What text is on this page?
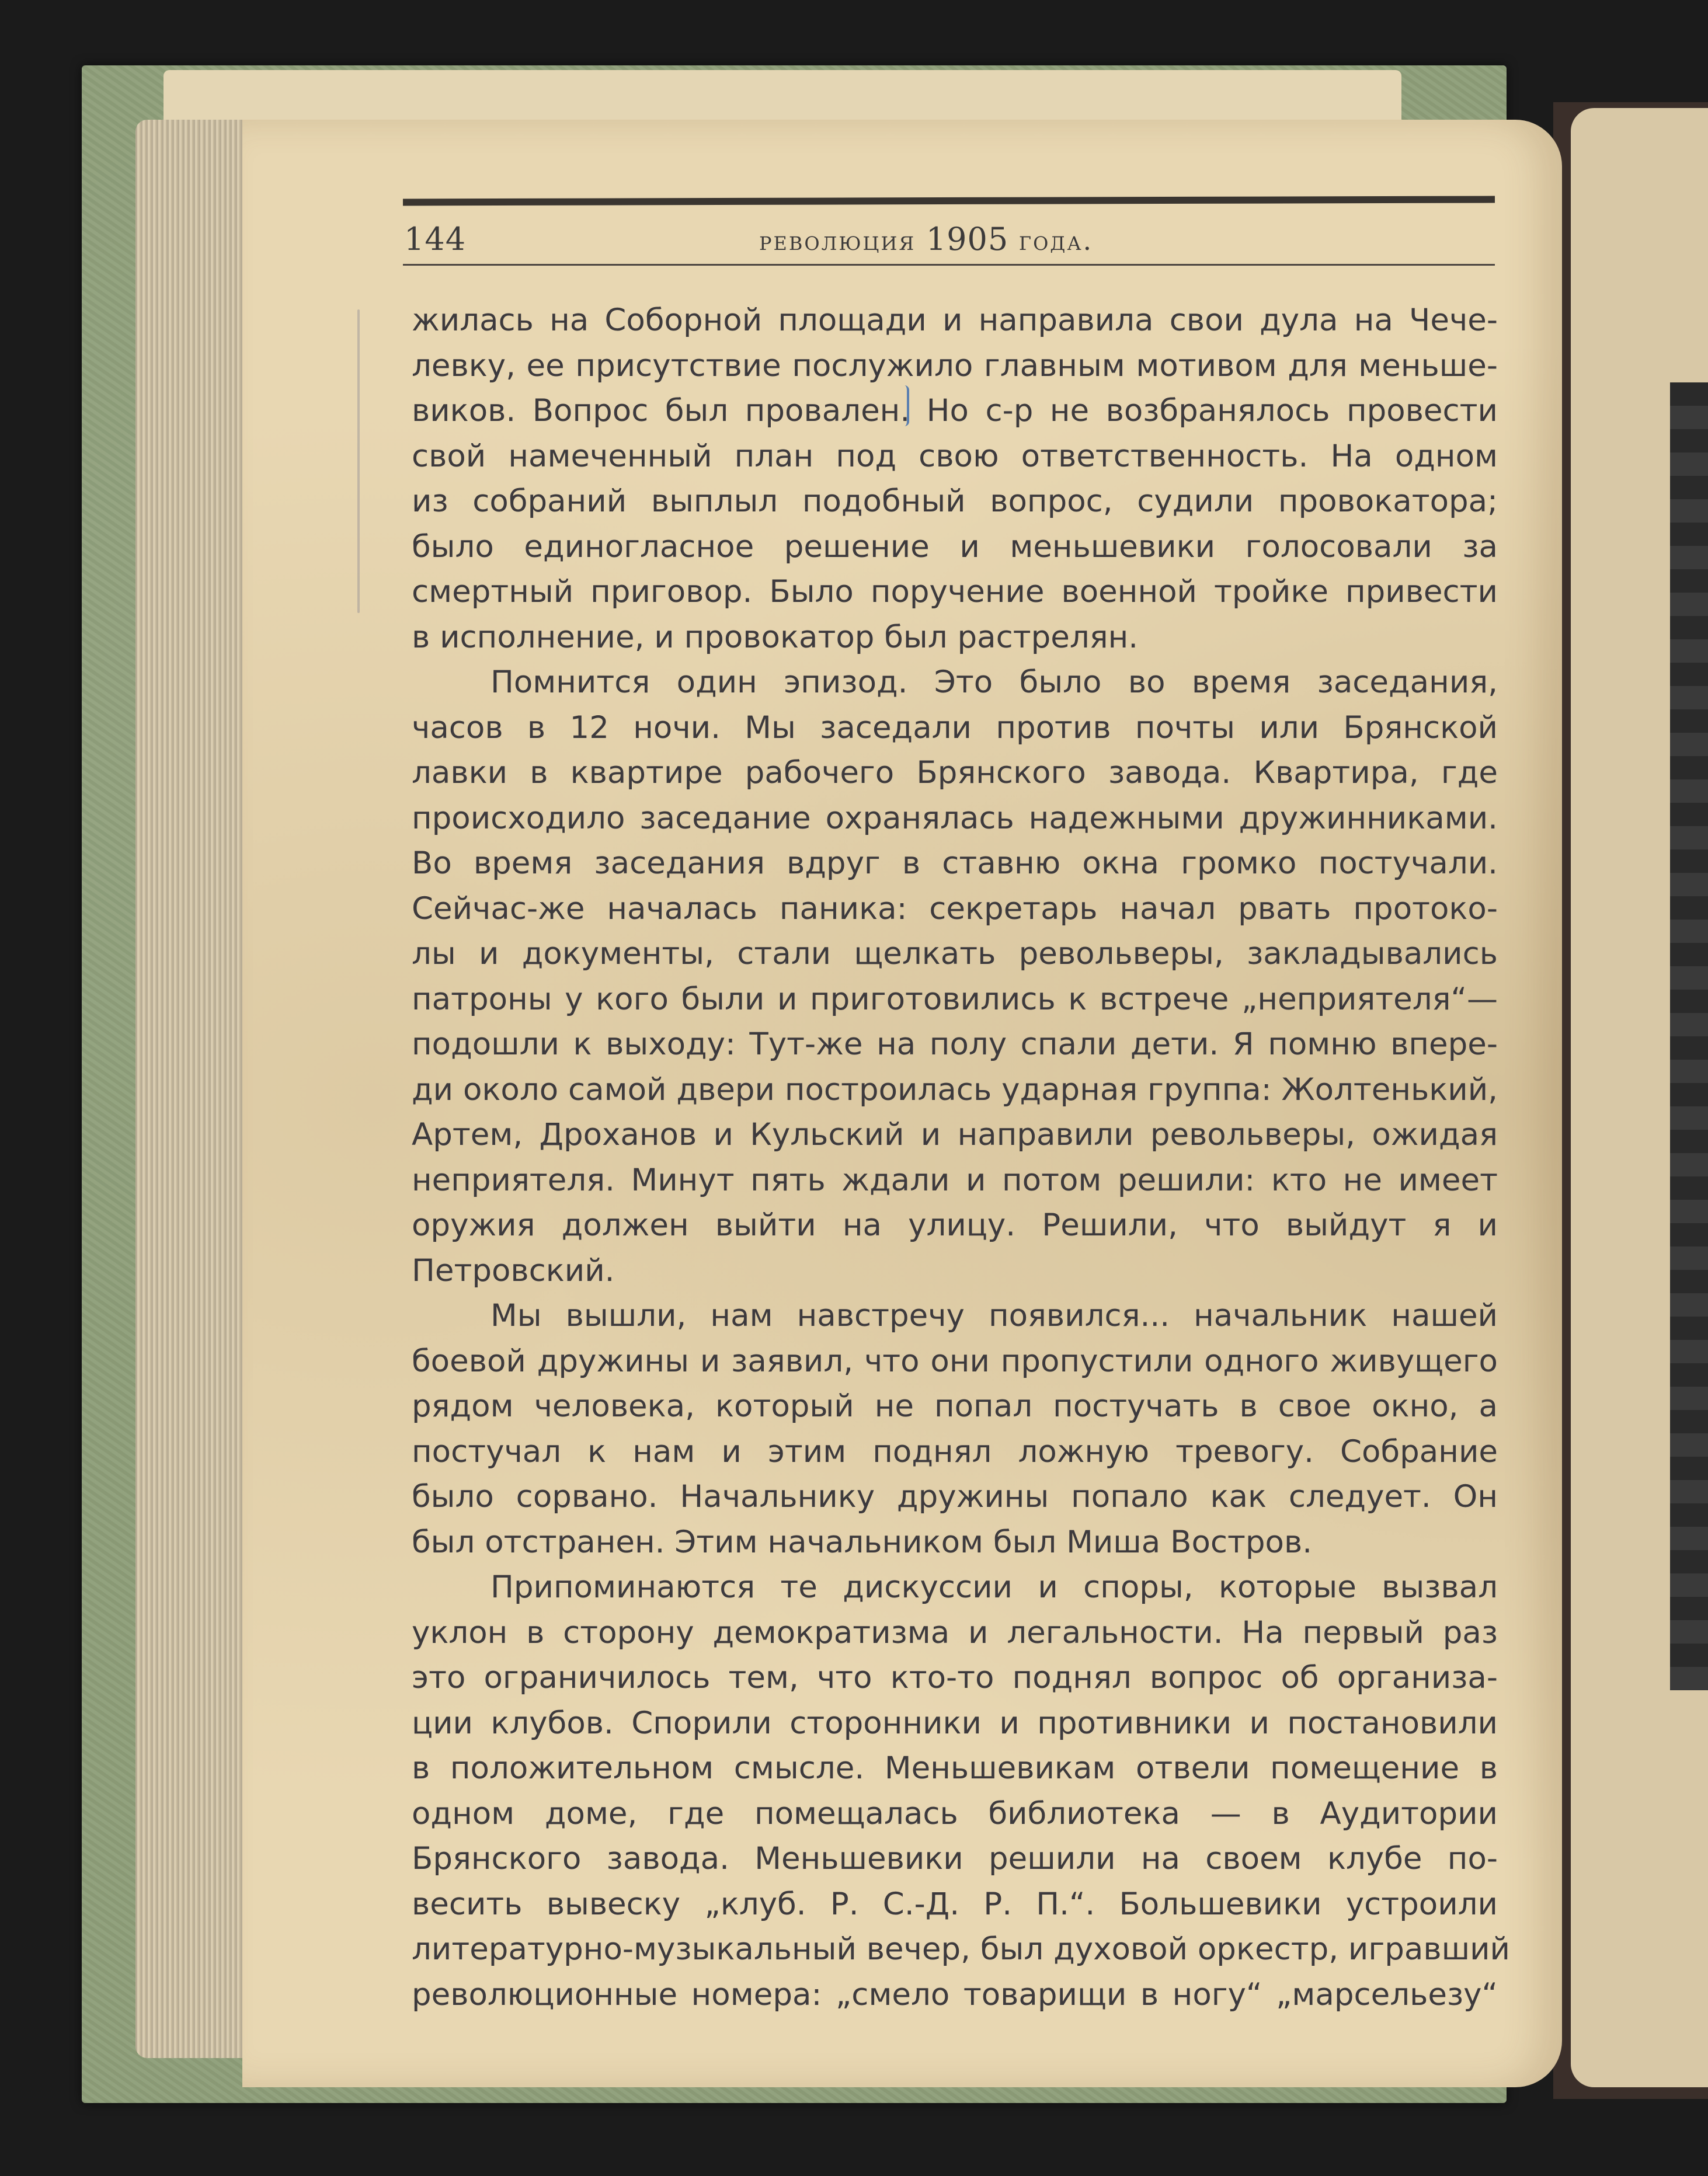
144	революция 1905 года.
жилась на Соборной площади и направила свои дула на Чече-
левку, ее присутствие послужило главным мотивом для меньше-
виков. Вопрос был провален. Но с-р не возбранялось провести
свой намеченный план под свою ответственность. На одном
из собраний выплыл подобный вопрос, судили провокатора;
было единогласное решение и меньшевики голосовали за
смертный приговор. Было поручение военной тройке привести
в исполнение, и провокатор был растрелян.
Помнится один эпизод. Это было во время заседания,
часов в 12 ночи. Мы заседали против почты или Брянской
лавки в квартире рабочего Брянского завода. Квартира, где
происходило заседание охранялась надежными дружинниками.
Во время заседания вдруг в ставню окна громко постучали.
Сейчас-же началась паника: секретарь начал рвать протоко-
лы и документы, стали щелкать револьверы, закладывались
патроны у кого были и приготовились к встрече „неприятеля“—
подошли к выходу: Тут-же на полу спали дети. Я помню впере-
ди около самой двери построилась ударная группа: Жолтенький,
Артем, Дроханов и Кульский и направили револьверы, ожидая
неприятеля. Минут пять ждали и потом решили: кто не имеет
оружия должен выйти на улицу. Решили, что выйдут я и
Петровский.
Мы вышли, нам навстречу появился... начальник нашей
боевой дружины и заявил, что они пропустили одного живущего
рядом человека, который не попал постучать в свое окно, а
постучал к нам и этим поднял ложную тревогу. Собрание
было сорвано. Начальнику дружины попало как следует. Он
был отстранен. Этим начальником был Миша Востров.
Припоминаются те дискуссии и споры, которые вызвал
уклон в сторону демократизма и легальности. На первый раз
это ограничилось тем, что кто-то поднял вопрос об организа-
ции клубов. Спорили сторонники и противники и постановили
в положительном смысле. Меньшевикам отвели помещение в
одном доме, где помещалась библиотека — в Аудитории
Брянского завода. Меньшевики решили на своем клубе по-
весить вывеску „клуб. Р. С.-Д. Р. П.“. Большевики устроили
литературно-музыкальный вечер, был духовой оркестр, игравший
революционные номера: „смело товарищи в ногу“ „марсельезу“
